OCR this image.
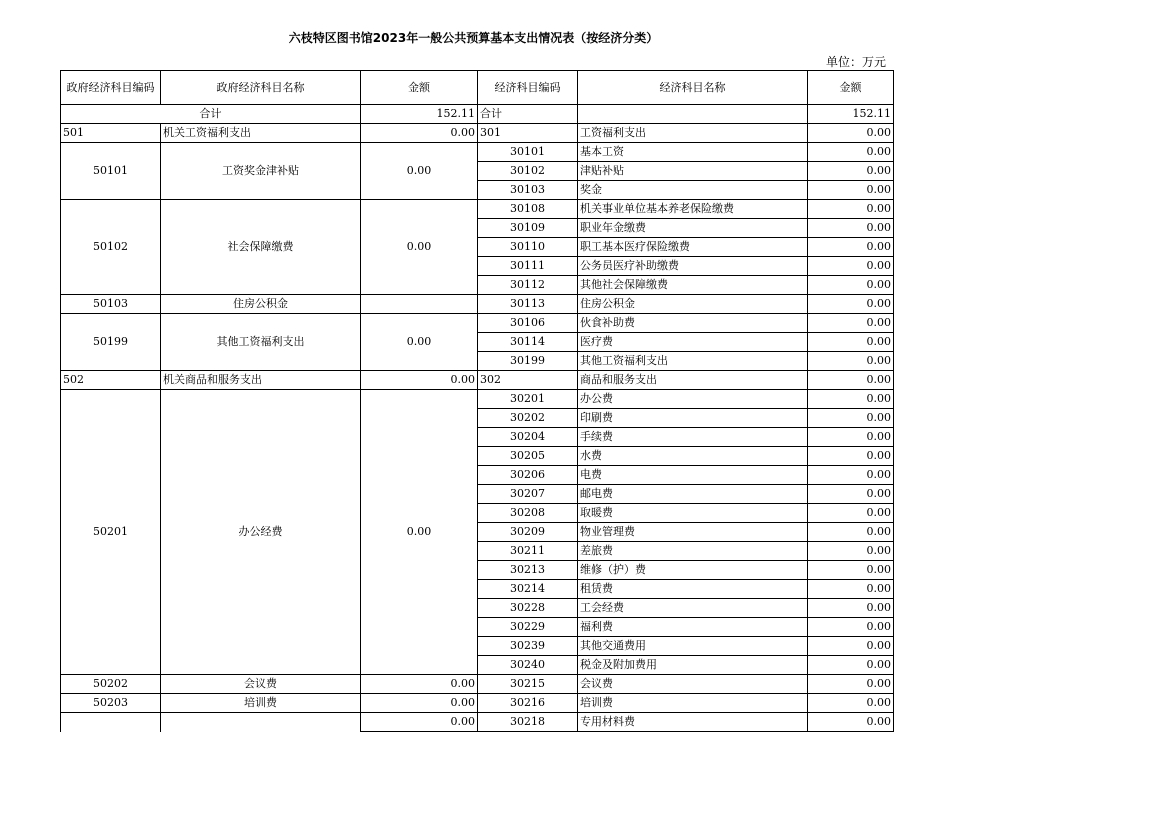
六枝特区图书馆2023年一般公共预算基本支出情况表（按经济分类）
单位：万元
政府经济科目编码	政府经济科目名称	金额	经济科目编码	经济科目名称	金额
合计		152.11	合计		152.11
501	机关工资福利支出	0.00	301	工资福利支出	0.00
50101	工资奖金津补贴	0.00	30101	基本工资	0.00
			30102	津贴补贴	0.00
			30103	奖金	0.00
50102	社会保障缴费	0.00	30108	机关事业单位基本养老保险缴费	0.00
			30109	职业年金缴费	0.00
			30110	职工基本医疗保险缴费	0.00
			30111	公务员医疗补助缴费	0.00
			30112	其他社会保障缴费	0.00
50103	住房公积金		30113	住房公积金	0.00
50199	其他工资福利支出	0.00	30106	伙食补助费	0.00
			30114	医疗费	0.00
			30199	其他工资福利支出	0.00
502	机关商品和服务支出	0.00	302	商品和服务支出	0.00
50201	办公经费	0.00	30201	办公费	0.00
			30202	印刷费	0.00
			30204	手续费	0.00
			30205	水费	0.00
			30206	电费	0.00
			30207	邮电费	0.00
			30208	取暖费	0.00
			30209	物业管理费	0.00
			30211	差旅费	0.00
			30213	维修（护）费	0.00
			30214	租赁费	0.00
			30228	工会经费	0.00
			30229	福利费	0.00
			30239	其他交通费用	0.00
			30240	税金及附加费用	0.00
50202	会议费	0.00	30215	会议费	0.00
50203	培训费	0.00	30216	培训费	0.00
		0.00	30218	专用材料费	0.00
